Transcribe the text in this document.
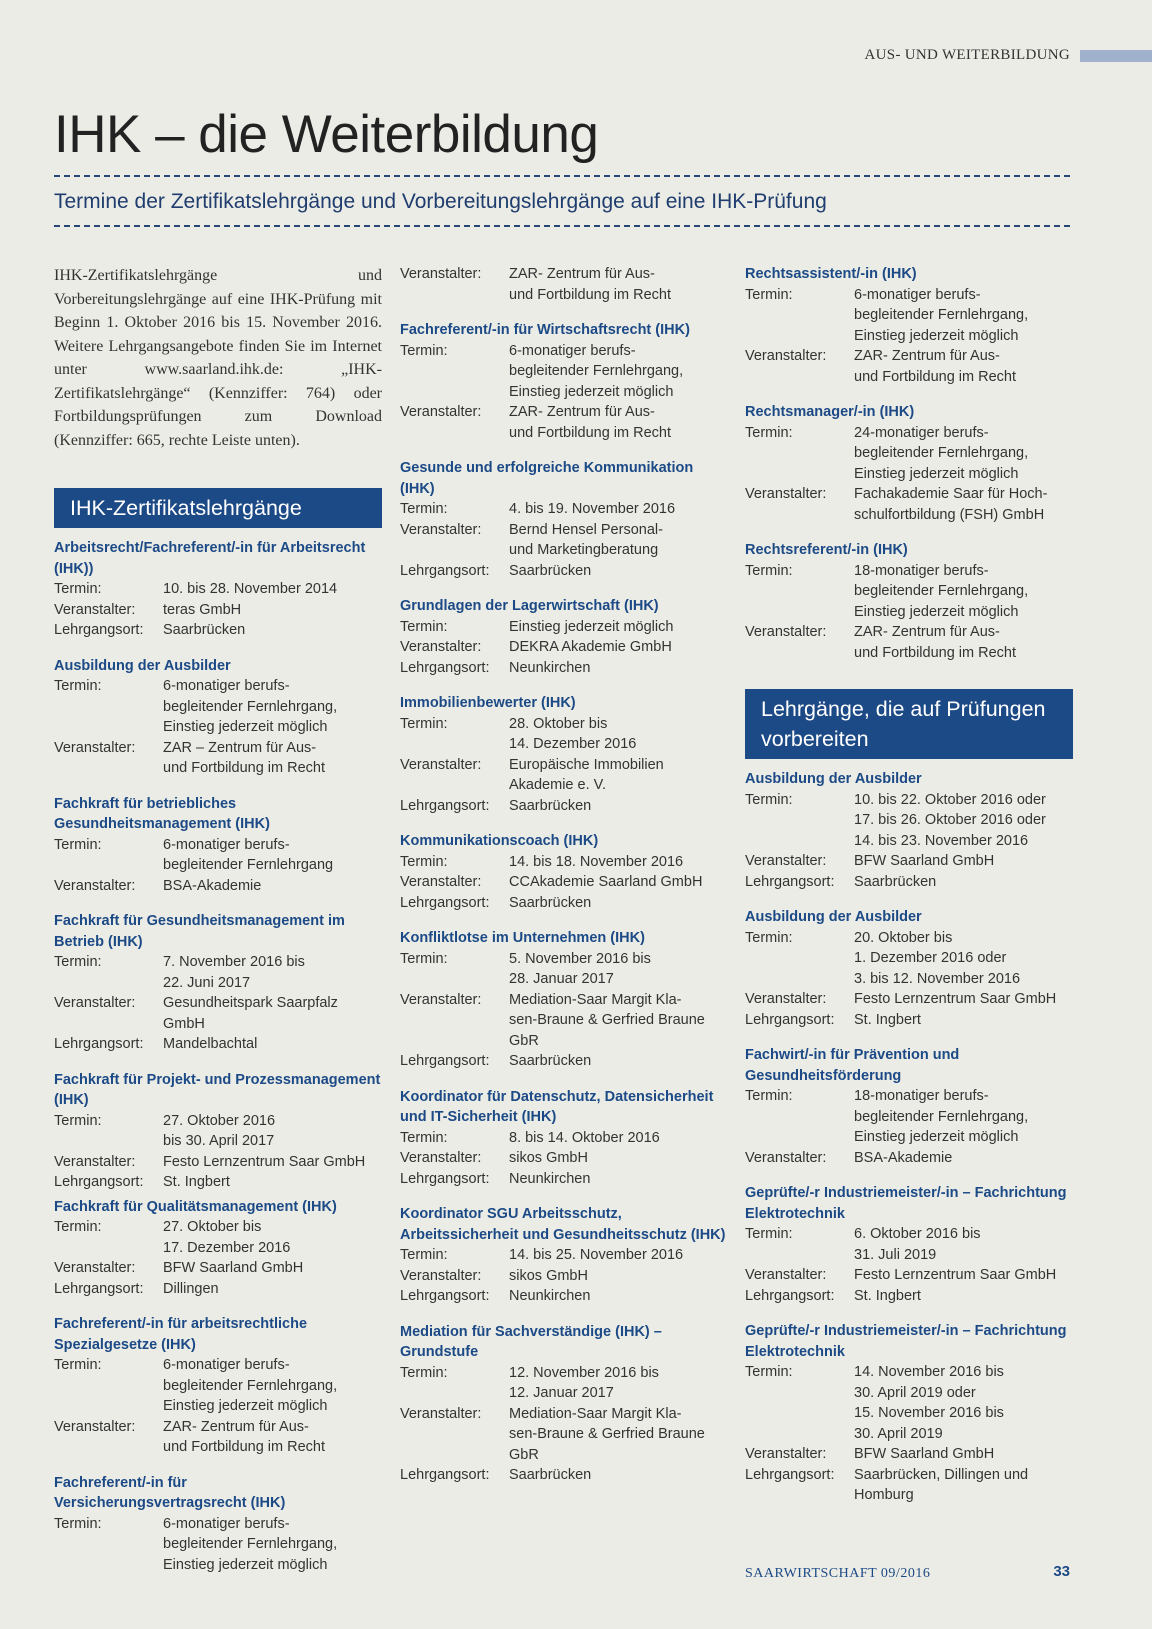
AUS- UND WEITERBILDUNG
IHK – die Weiterbildung
Termine der Zertifikatslehrgänge und Vorbereitungslehrgänge auf eine IHK-Prüfung

IHK-Zertifikatslehrgänge und Vorbereitungslehrgänge auf eine IHK-Prüfung mit Beginn 1. Oktober 2016 bis 15. November 2016. Weitere Lehrgangsangebote finden Sie im Internet unter www.saarland.ihk.de: „IHK-Zertifikatslehrgänge“ (Kennziffer: 764) oder Fortbildungsprüfungen zum Download (Kennziffer: 665, rechte Leiste unten).

IHK-Zertifikatslehrgänge
Arbeitsrecht/Fachreferent/-in für Arbeitsrecht (IHK))
Termin:	10. bis 28. November 2014
Veranstalter:	teras GmbH
Lehrgangsort:	Saarbrücken
Ausbildung der Ausbilder
Termin:	6-monatiger berufs-
begleitender Fernlehrgang,
Einstieg jederzeit möglich
Veranstalter:	ZAR – Zentrum für Aus-
und Fortbildung im Recht
Fachkraft für betriebliches Gesundheitsmanagement (IHK)
Termin:	6-monatiger berufs-
begleitender Fernlehrgang
Veranstalter:	BSA-Akademie
Fachkraft für Gesundheitsmanagement im Betrieb (IHK)
Termin:	7. November 2016 bis
22. Juni 2017
Veranstalter:	Gesundheitspark Saarpfalz
GmbH
Lehrgangsort:	Mandelbachtal
Fachkraft für Projekt- und Prozessmanagement (IHK)
Termin:	27. Oktober 2016
bis 30. April 2017
Veranstalter:	Festo Lernzentrum Saar GmbH
Lehrgangsort:	St. Ingbert
Fachkraft für Qualitätsmanagement (IHK)
Termin:	27. Oktober bis
17. Dezember 2016
Veranstalter:	BFW Saarland GmbH
Lehrgangsort:	Dillingen
Fachreferent/-in für arbeitsrechtliche Spezialgesetze (IHK)
Termin:	6-monatiger berufs-
begleitender Fernlehrgang,
Einstieg jederzeit möglich
Veranstalter:	ZAR- Zentrum für Aus-
und Fortbildung im Recht
Fachreferent/-in für Versicherungsvertragsrecht (IHK)
Termin:	6-monatiger berufs-
begleitender Fernlehrgang,
Einstieg jederzeit möglich
Veranstalter:	ZAR- Zentrum für Aus-
und Fortbildung im Recht
Fachreferent/-in für Wirtschaftsrecht (IHK)
Termin:	6-monatiger berufs-
begleitender Fernlehrgang,
Einstieg jederzeit möglich
Veranstalter:	ZAR- Zentrum für Aus-
und Fortbildung im Recht
Gesunde und erfolgreiche Kommunikation (IHK)
Termin:	4. bis 19. November 2016
Veranstalter:	Bernd Hensel Personal-
und Marketingberatung
Lehrgangsort:	Saarbrücken
Grundlagen der Lagerwirtschaft (IHK)
Termin:	Einstieg jederzeit möglich
Veranstalter:	DEKRA Akademie GmbH
Lehrgangsort:	Neunkirchen
Immobilienbewerter (IHK)
Termin:	28. Oktober bis
14. Dezember 2016
Veranstalter:	Europäische Immobilien
Akademie e. V.
Lehrgangsort:	Saarbrücken
Kommunikationscoach (IHK)
Termin:	14. bis 18. November 2016
Veranstalter:	CCAkademie Saarland GmbH
Lehrgangsort:	Saarbrücken
Konfliktlotse im Unternehmen (IHK)
Termin:	5. November 2016 bis
28. Januar 2017
Veranstalter:	Mediation-Saar Margit Kla-
sen-Braune & Gerfried Braune
GbR
Lehrgangsort:	Saarbrücken
Koordinator für Datenschutz, Datensicherheit und IT-Sicherheit (IHK)
Termin:	8. bis 14. Oktober 2016
Veranstalter:	sikos GmbH
Lehrgangsort:	Neunkirchen
Koordinator SGU Arbeitsschutz, Arbeitssicherheit und Gesundheitsschutz (IHK)
Termin:	14. bis 25. November 2016
Veranstalter:	sikos GmbH
Lehrgangsort:	Neunkirchen
Mediation für Sachverständige (IHK) – Grundstufe
Termin:	12. November 2016 bis
12. Januar 2017
Veranstalter:	Mediation-Saar Margit Kla-
sen-Braune & Gerfried Braune
GbR
Lehrgangsort:	Saarbrücken
Rechtsassistent/-in (IHK)
Termin:	6-monatiger berufs-
begleitender Fernlehrgang,
Einstieg jederzeit möglich
Veranstalter:	ZAR- Zentrum für Aus-
und Fortbildung im Recht
Rechtsmanager/-in (IHK)
Termin:	24-monatiger berufs-
begleitender Fernlehrgang,
Einstieg jederzeit möglich
Veranstalter:	Fachakademie Saar für Hoch-
schulfortbildung (FSH) GmbH
Rechtsreferent/-in (IHK)
Termin:	18-monatiger berufs-
begleitender Fernlehrgang,
Einstieg jederzeit möglich
Veranstalter:	ZAR- Zentrum für Aus-
und Fortbildung im Recht
Lehrgänge, die auf Prüfungen vorbereiten
Ausbildung der Ausbilder
Termin:	10. bis 22. Oktober 2016 oder
17. bis 26. Oktober 2016 oder
14. bis 23. November 2016
Veranstalter:	BFW Saarland GmbH
Lehrgangsort:	Saarbrücken
Ausbildung der Ausbilder
Termin:	20. Oktober bis
1. Dezember 2016 oder
3. bis 12. November 2016
Veranstalter:	Festo Lernzentrum Saar GmbH
Lehrgangsort:	St. Ingbert
Fachwirt/-in für Prävention und Gesundheitsförderung
Termin:	18-monatiger berufs-
begleitender Fernlehrgang,
Einstieg jederzeit möglich
Veranstalter:	BSA-Akademie
Geprüfte/-r Industriemeister/-in – Fachrichtung Elektrotechnik
Termin:	6. Oktober 2016 bis
31. Juli 2019
Veranstalter:	Festo Lernzentrum Saar GmbH
Lehrgangsort:	St. Ingbert
Geprüfte/-r Industriemeister/-in – Fachrichtung Elektrotechnik
Termin:	14. November 2016 bis
30. April 2019 oder
15. November 2016 bis
30. April 2019
Veranstalter:	BFW Saarland GmbH
Lehrgangsort:	Saarbrücken, Dillingen und
Homburg
SAARWIRTSCHAFT 09/2016	33
